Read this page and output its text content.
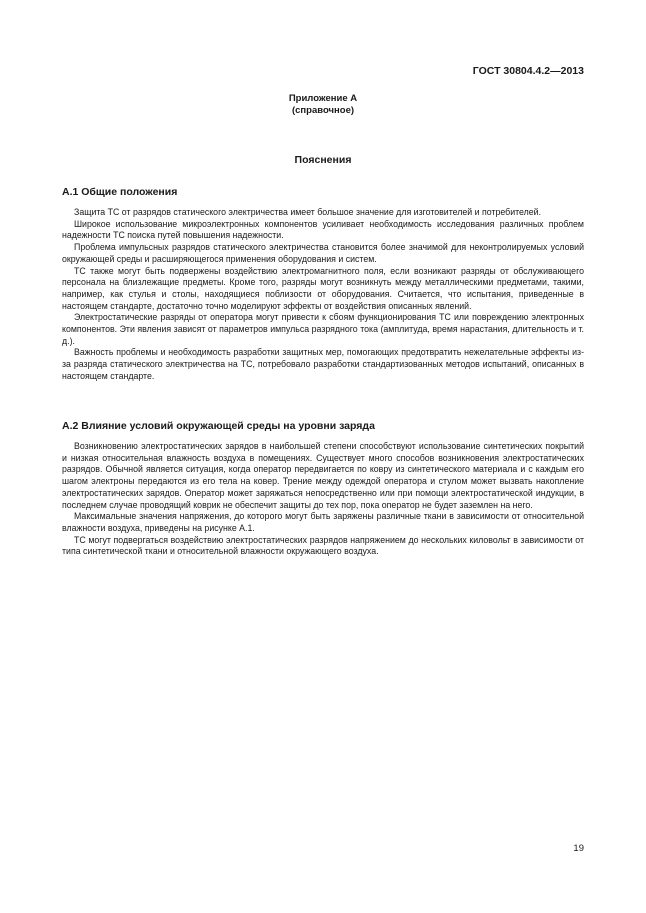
ГОСТ 30804.4.2—2013
Приложение А
(справочное)
Пояснения
А.1 Общие положения

Защита ТС от разрядов статического электричества имеет большое значение для изготовителей и потребителей.

Широкое использование микроэлектронных компонентов усиливает необходимость исследования различных проблем надежности ТС поиска путей повышения надежности.

Проблема импульсных разрядов статического электричества становится более значимой для неконтролируемых условий окружающей среды и расширяющегося применения оборудования и систем.

ТС также могут быть подвержены воздействию электромагнитного поля, если возникают разряды от обслуживающего персонала на близлежащие предметы. Кроме того, разряды могут возникнуть между металлическими предметами, такими, например, как стулья и столы, находящиеся поблизости от оборудования. Считается, что испытания, приведенные в настоящем стандарте, достаточно точно моделируют эффекты от воздействия описанных явлений.

Электростатические разряды от оператора могут привести к сбоям функционирования ТС или повреждению электронных компонентов. Эти явления зависят от параметров импульса разрядного тока (амплитуда, время нарастания, длительность и т. д.).

Важность проблемы и необходимость разработки защитных мер, помогающих предотвратить нежелательные эффекты из-за разряда статического электричества на ТС, потребовало разработки стандартизованных методов испытаний, описанных в настоящем стандарте.

А.2 Влияние условий окружающей среды на уровни заряда

Возникновению электростатических зарядов в наибольшей степени способствуют использование синтетических покрытий и низкая относительная влажность воздуха в помещениях. Существует много способов возникновения электростатических разрядов. Обычной является ситуация, когда оператор передвигается по ковру из синтетического материала и с каждым его шагом электроны передаются из его тела на ковер. Трение между одеждой оператора и стулом может вызвать накопление электростатических зарядов. Оператор может заряжаться непосредственно или при помощи электростатической индукции, в последнем случае проводящий коврик не обеспечит защиты до тех пор, пока оператор не будет заземлен на него.

Максимальные значения напряжения, до которого могут быть заряжены различные ткани в зависимости от относительной влажности воздуха, приведены на рисунке А.1.

ТС могут подвергаться воздействию электростатических разрядов напряжением до нескольких киловольт в зависимости от типа синтетической ткани и относительной влажности окружающего воздуха.

19
